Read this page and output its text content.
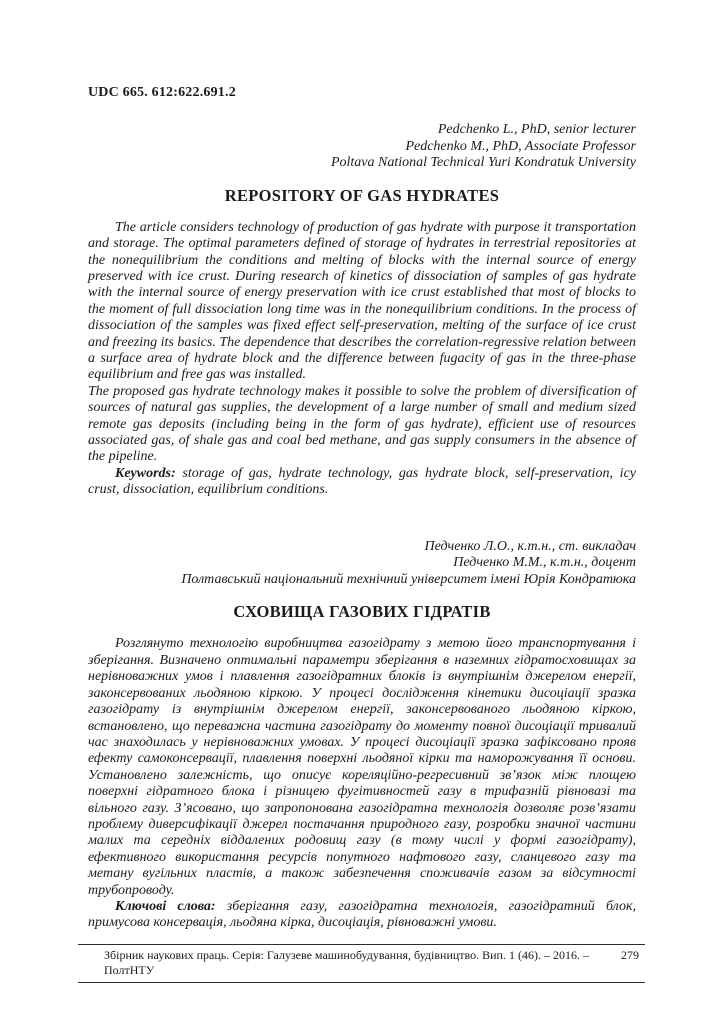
UDC 665. 612:622.691.2
Pedchenko L., PhD, senior lecturer
Pedchenko M., PhD, Associate Professor
Poltava National Technical Yuri Kondratuk University
REPOSITORY OF GAS HYDRATES

The article considers technology of production of gas hydrate with purpose it transportation and storage. The optimal parameters defined of storage of hydrates in terrestrial repositories at the nonequilibrium the conditions and melting of blocks with the internal source of energy preserved with ice crust. During research of kinetics of dissociation of samples of gas hydrate with the internal source of energy preservation with ice crust established that most of blocks to the moment of full dissociation long time was in the nonequilibrium conditions. In the process of dissociation of the samples was fixed effect self-preservation, melting of the surface of ice crust and freezing its basics. The dependence that describes the correlation-regressive relation between a surface area of hydrate block and the difference between fugacity of gas in the three-phase equilibrium and free gas was installed.

The proposed gas hydrate technology makes it possible to solve the problem of diversification of sources of natural gas supplies, the development of a large number of small and medium sized remote gas deposits (including being in the form of gas hydrate), efficient use of resources associated gas, of shale gas and coal bed methane, and gas supply consumers in the absence of the pipeline.

Keywords: storage of gas, hydrate technology, gas hydrate block, self-preservation, icy crust, dissociation, equilibrium conditions.

Педченко Л.О., к.т.н., ст. викладач
Педченко М.М., к.т.н., доцент
Полтавський національний технічний університет імені Юрія Кондратюка
СХОВИЩА ГАЗОВИХ ГІДРАТІВ

Розглянуто технологію виробництва газогідрату з метою його транспортування і зберігання. Визначено оптимальні параметри зберігання в наземних гідратосховищах за нерівноважних умов і плавлення газогідратних блоків із внутрішнім джерелом енергії, законсервованих льодяною кіркою. У процесі дослідження кінетики дисоціації зразка газогідрату із внутрішнім джерелом енергії, законсервованого льодяною кіркою, встановлено, що переважна частина газогідрату до моменту повної дисоціації тривалий час знаходилась у нерівноважних умовах. У процесі дисоціації зразка зафіксовано прояв ефекту самоконсервації, плавлення поверхні льодяної кірки та наморожування її основи. Установлено залежність, що описує кореляційно-регресивний зв’язок між площею поверхні гідратного блока і різницею фугітивностей газу в трифазній рівновазі та вільного газу. З’ясовано, що запропонована газогідратна технологія дозволяє розв’язати проблему диверсифікації джерел постачання природного газу, розробки значної частини малих та середніх віддалених родовищ газу (в тому числі у формі газогідрату), ефективного використання ресурсів попутного нафтового газу, сланцевого газу та метану вугільних пластів, а також забезпечення споживачів газом за відсутності трубопроводу.

Ключові слова: зберігання газу, газогідратна технологія, газогідратний блок, примусова консервація, льодяна кірка, дисоціація, рівноважні умови.

Збірник наукових праць. Серія: Галузеве машинобудування, будівництво. Вип. 1 (46). – 2016. – ПолтНТУ
279
